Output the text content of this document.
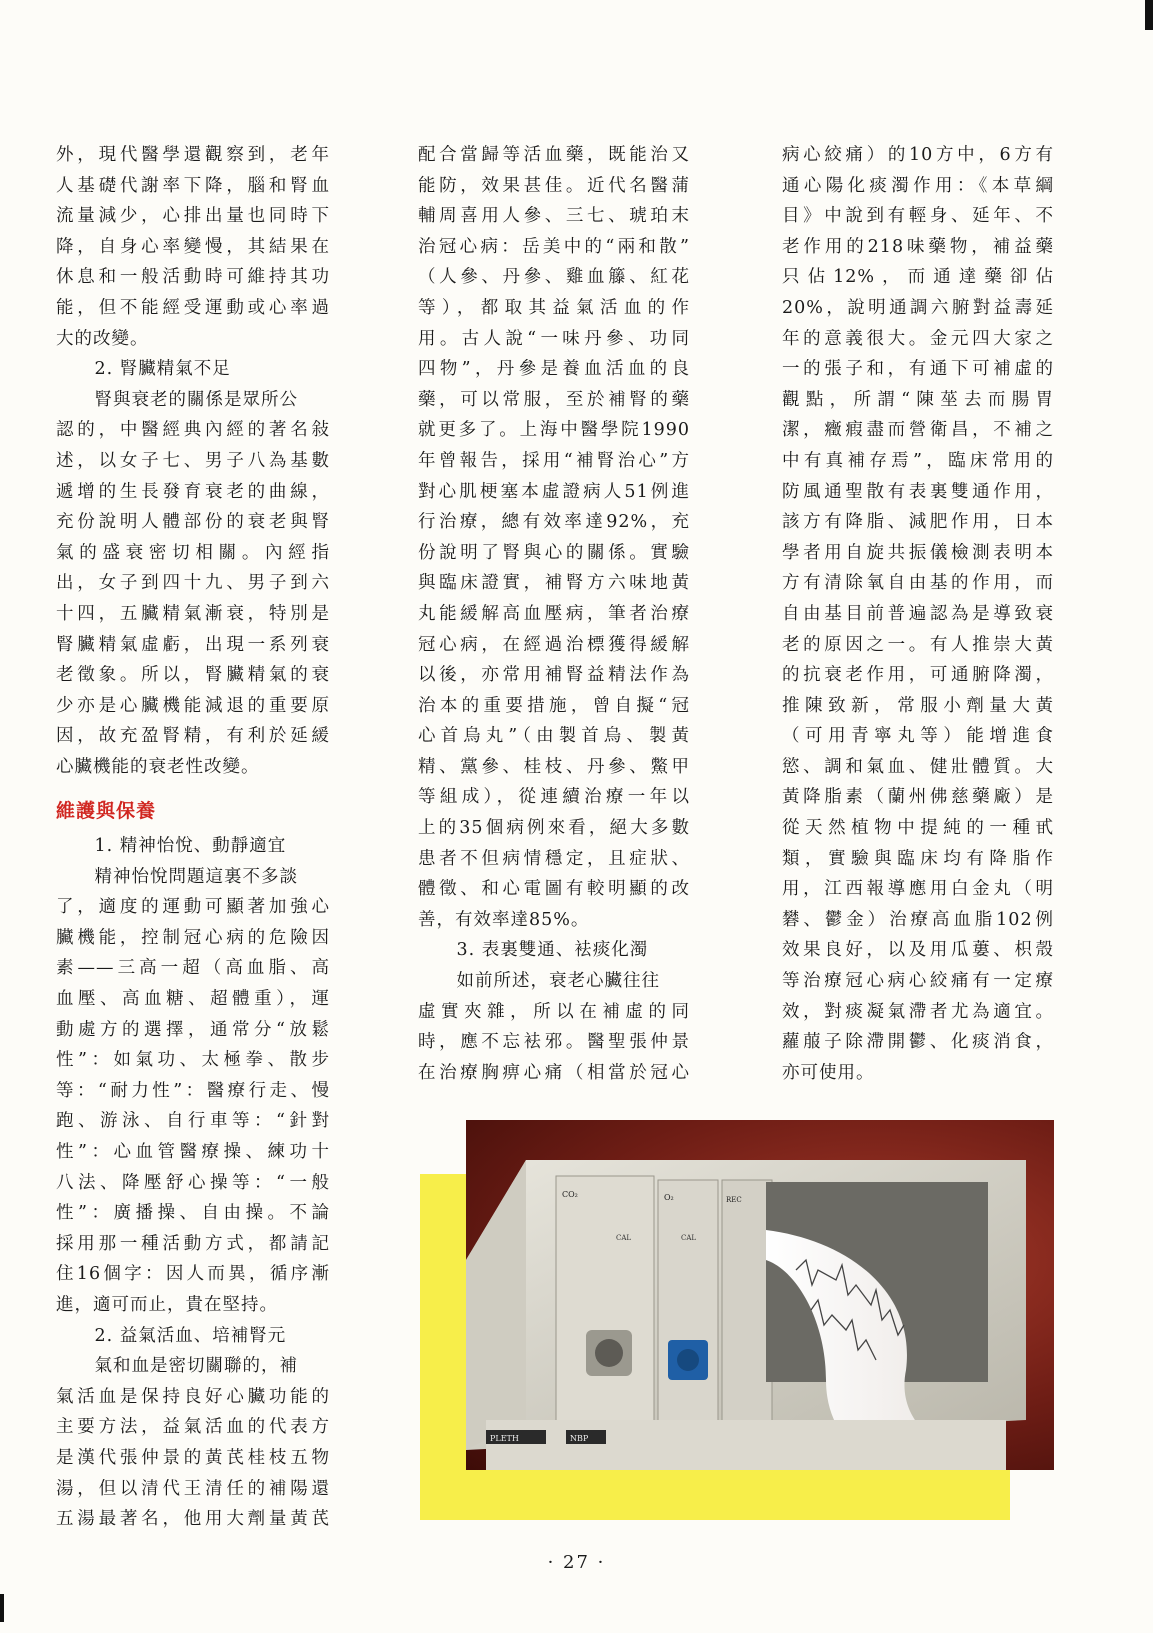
外，現代醫學還觀察到，老年

人基礎代謝率下降，腦和腎血

流量減少，心排出量也同時下

降，自身心率變慢，其結果在

休息和一般活動時可維持其功

能，但不能經受運動或心率過

大的改變。

2. 腎臟精氣不足

腎與衰老的關係是眾所公

認的，中醫經典內經的著名敍

述，以女子七、男子八為基數

遞增的生長發育衰老的曲線，

充份說明人體部份的衰老與腎

氣的盛衰密切相關。內經指

出，女子到四十九、男子到六

十四，五臟精氣漸衰，特別是

腎臟精氣虛虧，出現一系列衰

老徵象。所以，腎臟精氣的衰

少亦是心臟機能減退的重要原

因，故充盈腎精，有利於延緩

心臟機能的衰老性改變。

維護與保養

1. 精神怡悅、動靜適宜

精神怡悅問題這裏不多談

了，適度的運動可顯著加強心

臟機能，控制冠心病的危險因

素——三高一超（高血脂、高

血壓、高血糖、超體重），運

動處方的選擇，通常分“放鬆

性”：如氣功、太極拳、散步

等：“耐力性”：醫療行走、慢

跑、游泳、自行車等：“針對

性”：心血管醫療操、練功十

八法、降壓舒心操等：“一般

性”：廣播操、自由操。不論

採用那一種活動方式，都請記

住16個字：因人而異，循序漸

進，適可而止，貴在堅持。

2. 益氣活血、培補腎元

氣和血是密切關聯的，補

氣活血是保持良好心臟功能的

主要方法，益氣活血的代表方

是漢代張仲景的黃芪桂枝五物

湯，但以清代王清任的補陽還

五湯最著名，他用大劑量黃芪

配合當歸等活血藥，既能治又

能防，效果甚佳。近代名醫蒲

輔周喜用人參、三七、琥珀末

治冠心病：岳美中的“兩和散”

（人參、丹參、雞血籐、紅花

等），都取其益氣活血的作

用。古人說“一味丹參、功同

四物”，丹參是養血活血的良

藥，可以常服，至於補腎的藥

就更多了。上海中醫學院1990

年曾報告，採用“補腎治心”方

對心肌梗塞本虛證病人51例進

行治療，總有效率達92%，充

份說明了腎與心的關係。實驗

與臨床證實，補腎方六味地黃

丸能緩解高血壓病，筆者治療

冠心病，在經過治標獲得緩解

以後，亦常用補腎益精法作為

治本的重要措施，曾自擬“冠

心首烏丸”（由製首烏、製黃

精、黨參、桂枝、丹參、鱉甲

等組成），從連續治療一年以

上的35個病例來看，絕大多數

患者不但病情穩定，且症狀、

體徵、和心電圖有較明顯的改

善，有效率達85%。

3. 表裏雙通、袪痰化濁

如前所述，衰老心臟往往

虛實夾雜，所以在補虛的同

時，應不忘袪邪。醫聖張仲景

在治療胸痹心痛（相當於冠心

病心絞痛）的10方中，6方有

通心陽化痰濁作用：《本草綱

目》中說到有輕身、延年、不

老作用的218味藥物，補益藥

只佔12%，而通達藥卻佔

20%，說明通調六腑對益壽延

年的意義很大。金元四大家之

一的張子和，有通下可補虛的

觀點，所謂“陳莝去而腸胃

潔，癥瘕盡而營衛昌，不補之

中有真補存焉”，臨床常用的

防風通聖散有表裏雙通作用，

該方有降脂、減肥作用，日本

學者用自旋共振儀檢測表明本

方有清除氧自由基的作用，而

自由基目前普遍認為是導致衰

老的原因之一。有人推崇大黃

的抗衰老作用，可通腑降濁，

推陳致新，常服小劑量大黃

（可用青寧丸等）能增進食

慾、調和氣血、健壯體質。大

黃降脂素（蘭州佛慈藥廠）是

從天然植物中提純的一種甙

類，實驗與臨床均有降脂作

用，江西報導應用白金丸（明

礬、鬱金）治療高血脂102例

效果良好，以及用瓜蔞、枳殼

等治療冠心病心絞痛有一定療

效，對痰凝氣滯者尤為適宜。

蘿菔子除滯開鬱、化痰消食，

亦可使用。

CO₂	O₂	REC
PLETH	NBP
CAL	CAL
· 27 ·
